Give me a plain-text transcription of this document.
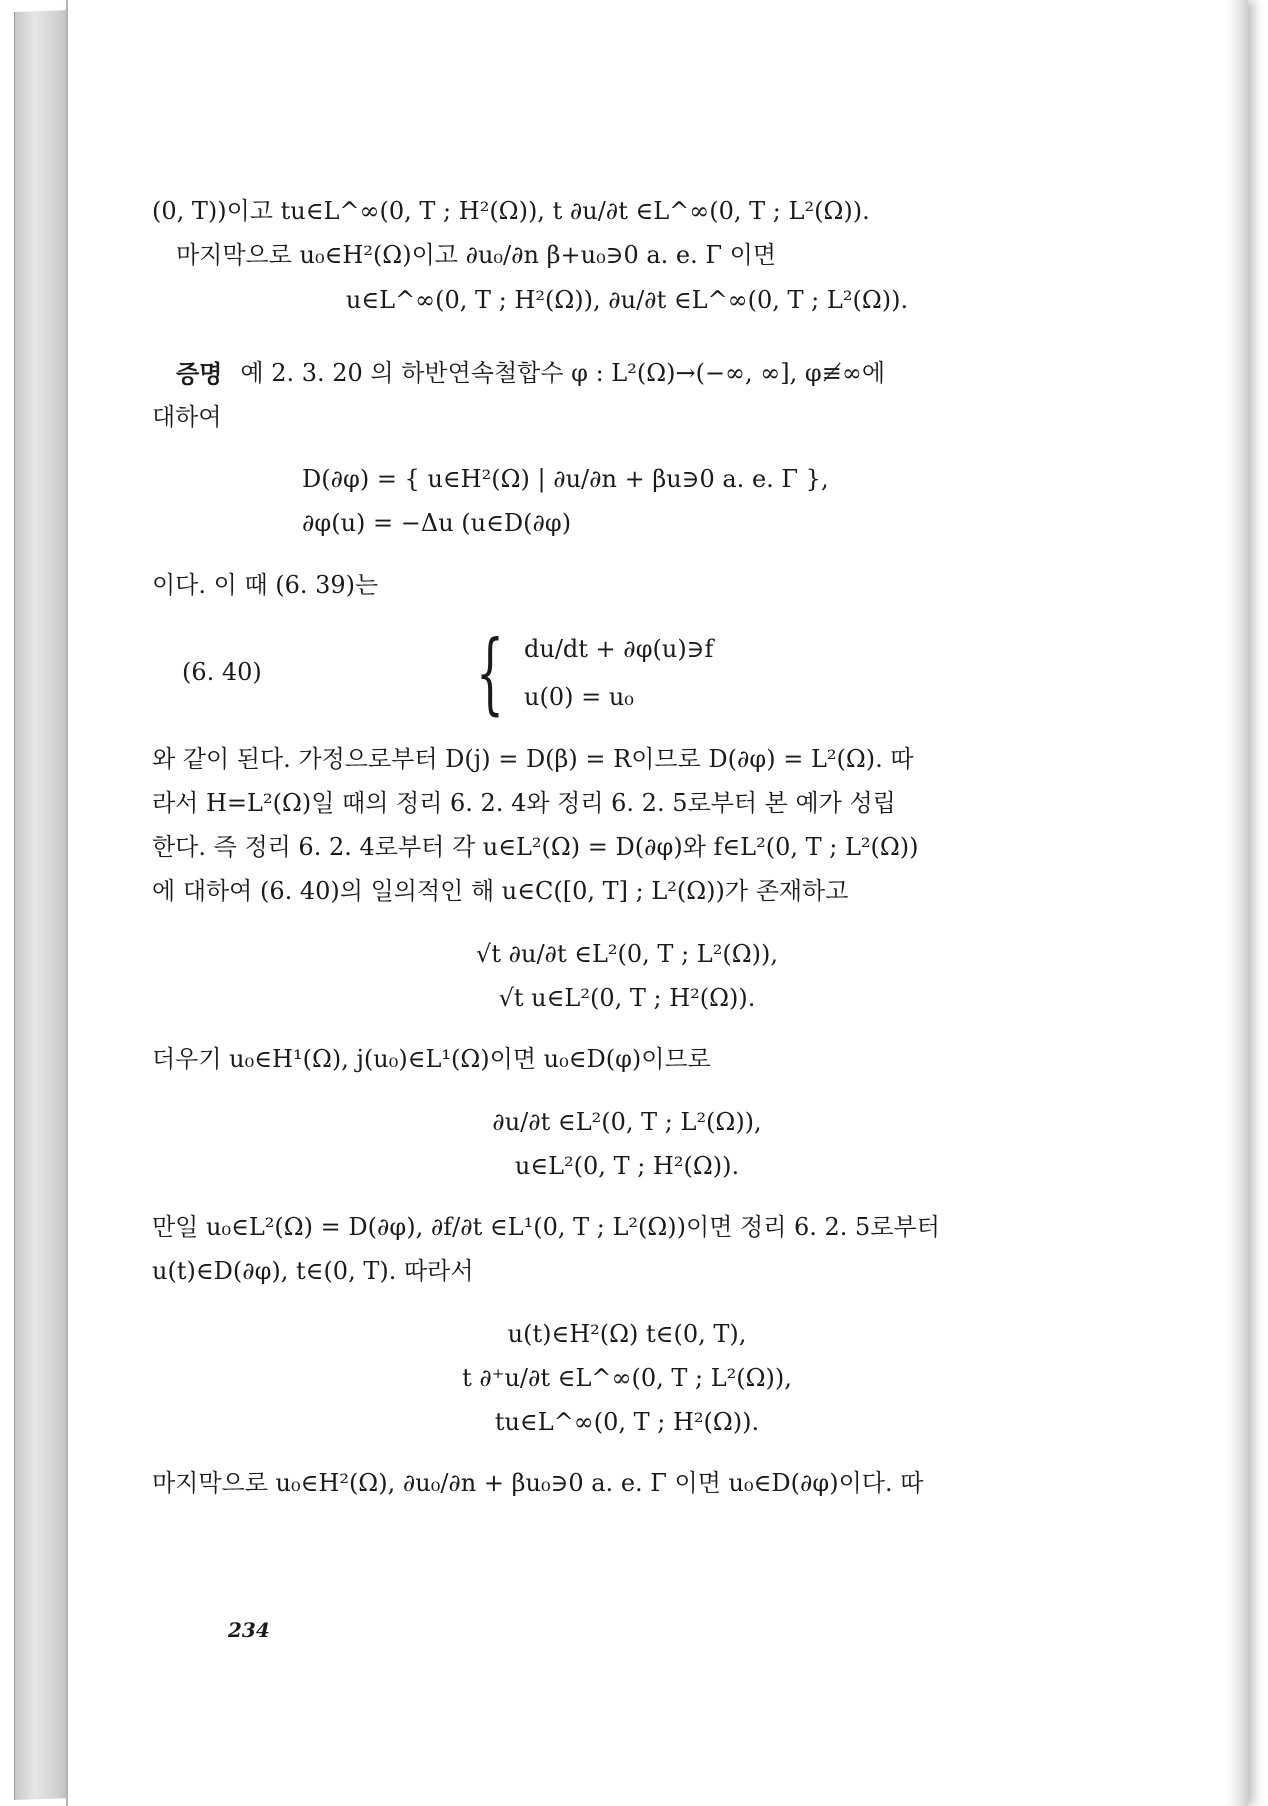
(0, T))이고 tu∈L^∞(0, T ; H²(Ω)), t ∂u/∂t ∈L^∞(0, T ; L²(Ω)).
마지막으로 u₀∈H²(Ω)이고 ∂u₀/∂n β+u₀∋0 a. e. Γ 이면
u∈L^∞(0, T ; H²(Ω)), ∂u/∂t ∈L^∞(0, T ; L²(Ω)).
증명 예 2. 3. 20 의 하반연속철합수 φ : L²(Ω)→(−∞, ∞], φ≢∞에
대하여
D(∂φ) = { u∈H²(Ω) | ∂u/∂n + βu∋0 a. e. Γ },
∂φ(u) = −Δu (u∈D(∂φ)
이다. 이 때 (6. 39)는
(6. 40)	{ du/dt + ∂φ(u)∋f
u(0) = u₀
와 같이 된다. 가정으로부터 D(j) = D(β) = R이므로 D(∂φ) = L²(Ω). 따
라서 H=L²(Ω)일 때의 정리 6. 2. 4와 정리 6. 2. 5로부터 본 예가 성립
한다. 즉 정리 6. 2. 4로부터 각 u∈L²(Ω) = D(∂φ)와 f∈L²(0, T ; L²(Ω))
에 대하여 (6. 40)의 일의적인 해 u∈C([0, T] ; L²(Ω))가 존재하고
√t ∂u/∂t ∈L²(0, T ; L²(Ω)),
√t u∈L²(0, T ; H²(Ω)).
더우기 u₀∈H¹(Ω), j(u₀)∈L¹(Ω)이면 u₀∈D(φ)이므로
∂u/∂t ∈L²(0, T ; L²(Ω)),
u∈L²(0, T ; H²(Ω)).
만일 u₀∈L²(Ω) = D(∂φ), ∂f/∂t ∈L¹(0, T ; L²(Ω))이면 정리 6. 2. 5로부터
u(t)∈D(∂φ), t∈(0, T). 따라서
u(t)∈H²(Ω) t∈(0, T),
t ∂⁺u/∂t ∈L^∞(0, T ; L²(Ω)),
tu∈L^∞(0, T ; H²(Ω)).
마지막으로 u₀∈H²(Ω), ∂u₀/∂n + βu₀∋0 a. e. Γ 이면 u₀∈D(∂φ)이다. 따
234
